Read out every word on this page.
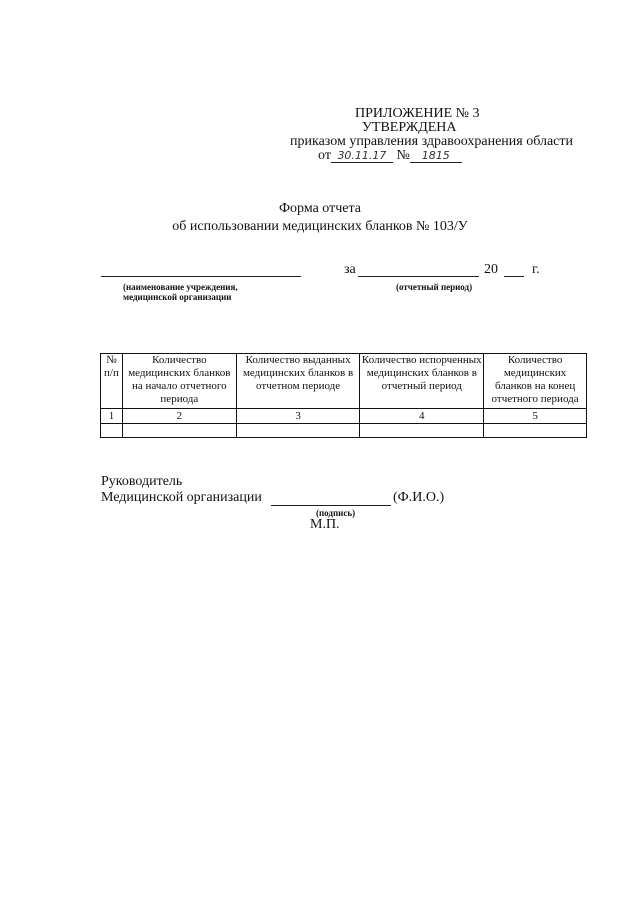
ПРИЛОЖЕНИЕ № 3
УТВЕРЖДЕНА
приказом управления здравоохранения области
от 30.11.17 № 1815
Форма отчета
об использовании медицинских бланков № 103/У
(наименование учреждения,
медицинской организации
за
(отчетный период)
20 г.
№ п/п	Количество медицинских бланков на начало отчетного периода	Количество выданных медицинских бланков в отчетном периоде	Количество испорченных медицинских бланков в отчетный период	Количество медицинских бланков на конец отчетного периода
1	2	3	4	5

Руководитель
Медицинской организации	(Ф.И.О.)
(подпись)
М.П.
